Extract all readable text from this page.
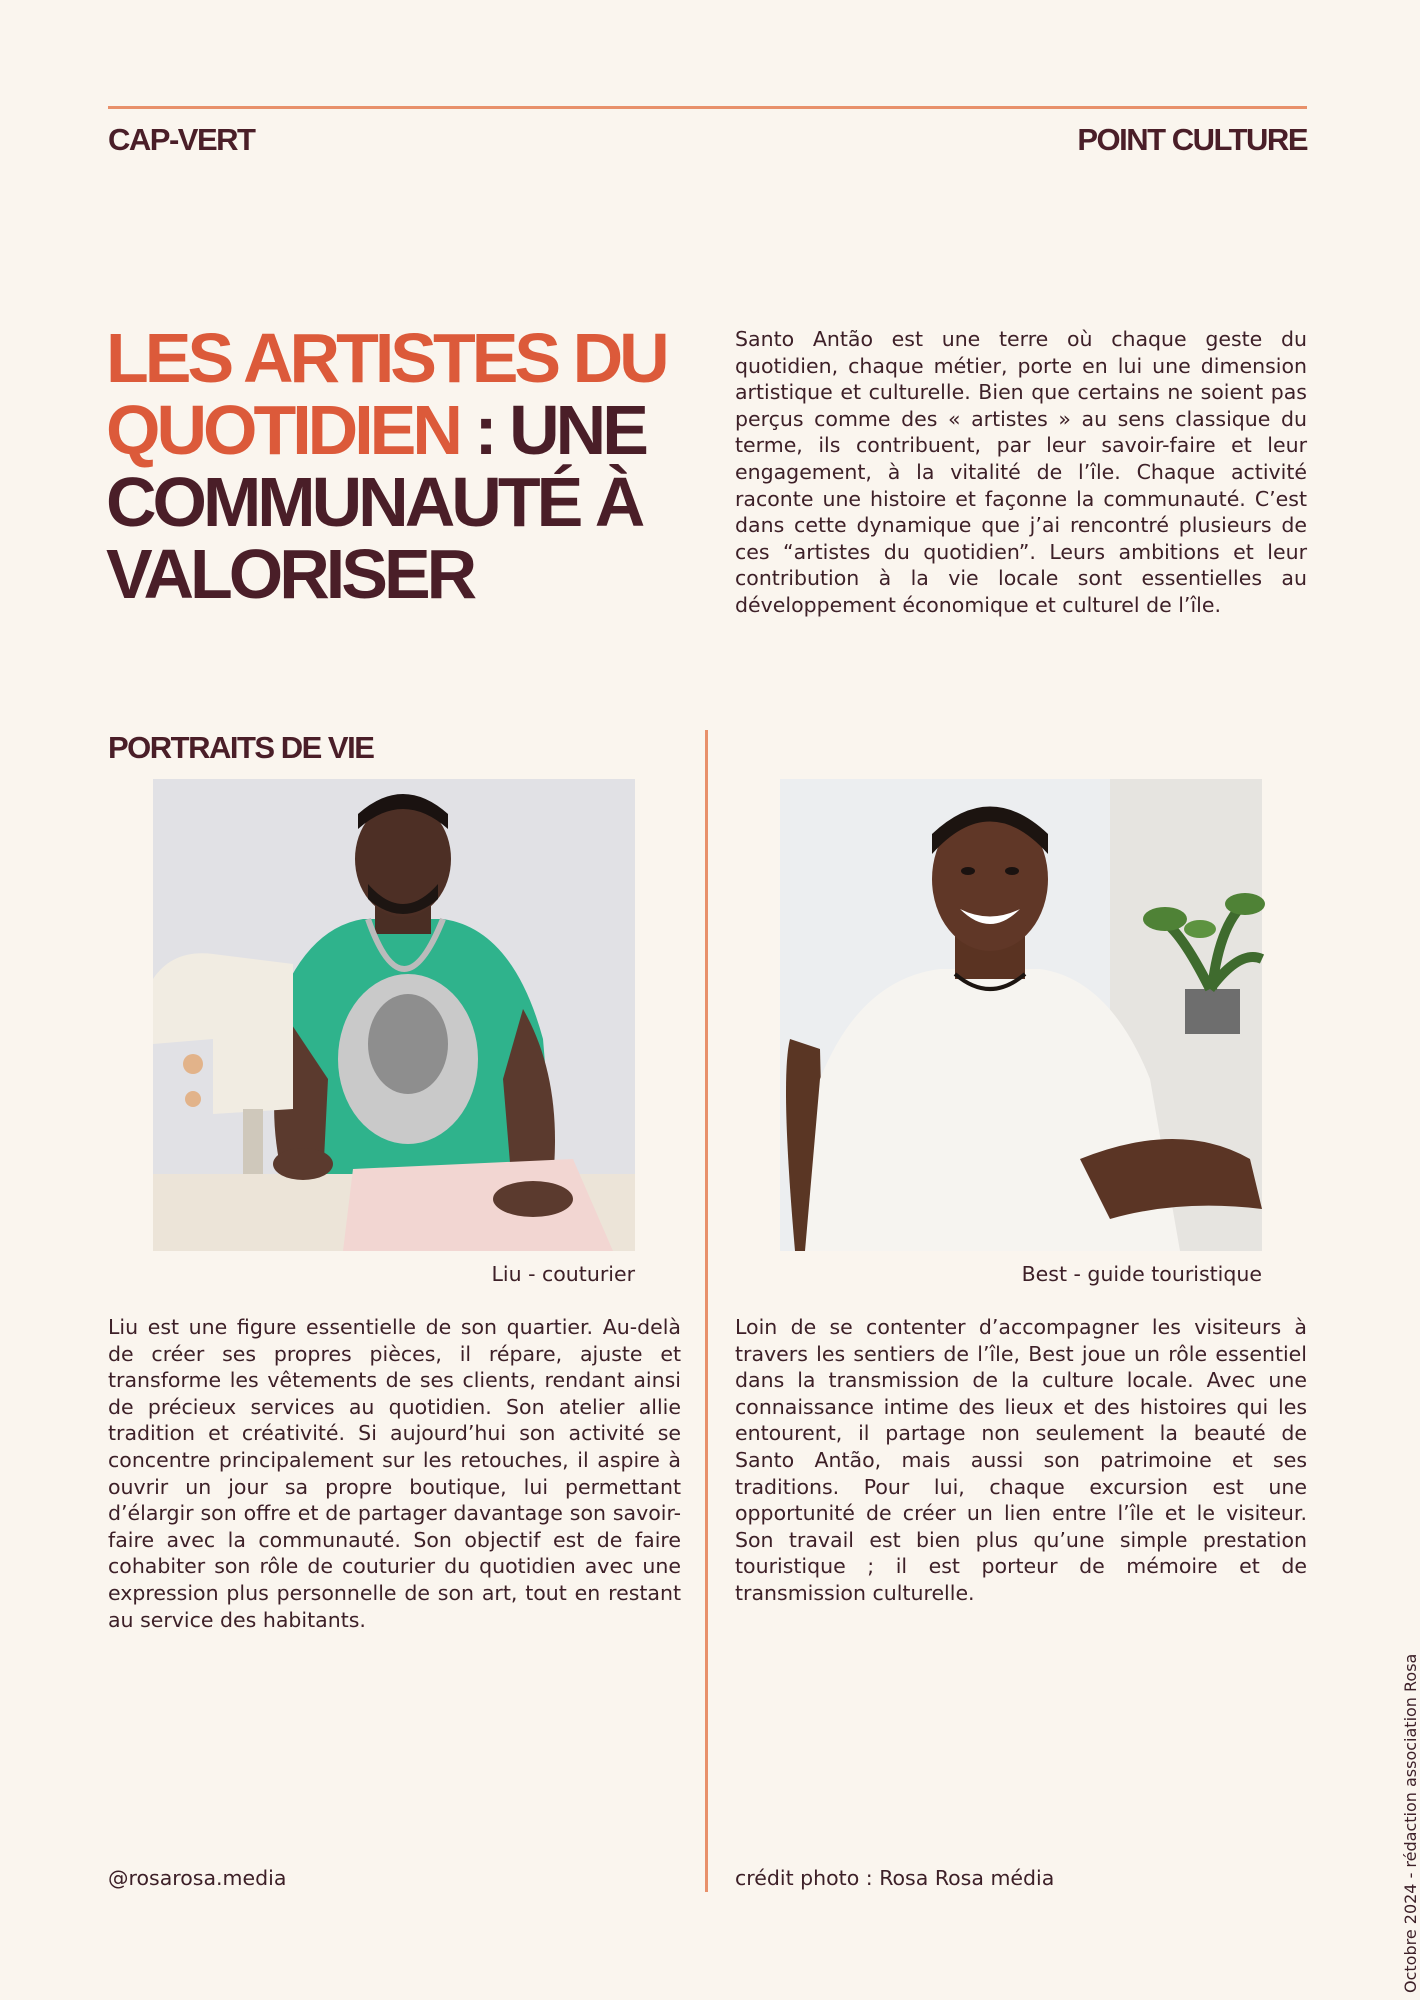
CAP-VERT	POINT CULTURE
LES ARTISTES DU QUOTIDIEN : UNE COMMUNAUTÉ À VALORISER

Santo Antão est une terre où chaque geste du quotidien, chaque métier, porte en lui une dimension artistique et culturelle. Bien que certains ne soient pas perçus comme des « artistes » au sens classique du terme, ils contribuent, par leur savoir-faire et leur engagement, à la vitalité de l’île. Chaque activité raconte une histoire et façonne la communauté. C’est dans cette dynamique que j’ai rencontré plusieurs de ces “artistes du quotidien”. Leurs ambitions et leur contribution à la vie locale sont essentielles au développement économique et culturel de l’île.

PORTRAITS DE VIE
Liu - couturier	Best - guide touristique

Liu est une figure essentielle de son quartier. Au-delà de créer ses propres pièces, il répare, ajuste et transforme les vêtements de ses clients, rendant ainsi de précieux services au quotidien. Son atelier allie tradition et créativité. Si aujourd’hui son activité se concentre principalement sur les retouches, il aspire à ouvrir un jour sa propre boutique, lui permettant d’élargir son offre et de partager davantage son savoir-faire avec la communauté. Son objectif est de faire cohabiter son rôle de couturier du quotidien avec une expression plus personnelle de son art, tout en restant au service des habitants.

Loin de se contenter d’accompagner les visiteurs à travers les sentiers de l’île, Best joue un rôle essentiel dans la transmission de la culture locale. Avec une connaissance intime des lieux et des histoires qui les entourent, il partage non seulement la beauté de Santo Antão, mais aussi son patrimoine et ses traditions. Pour lui, chaque excursion est une opportunité de créer un lien entre l’île et le visiteur. Son travail est bien plus qu’une simple prestation touristique ; il est porteur de mémoire et de transmission culturelle.

@rosarosa.media	crédit photo : Rosa Rosa média	Octobre 2024 - rédaction association Rosa
